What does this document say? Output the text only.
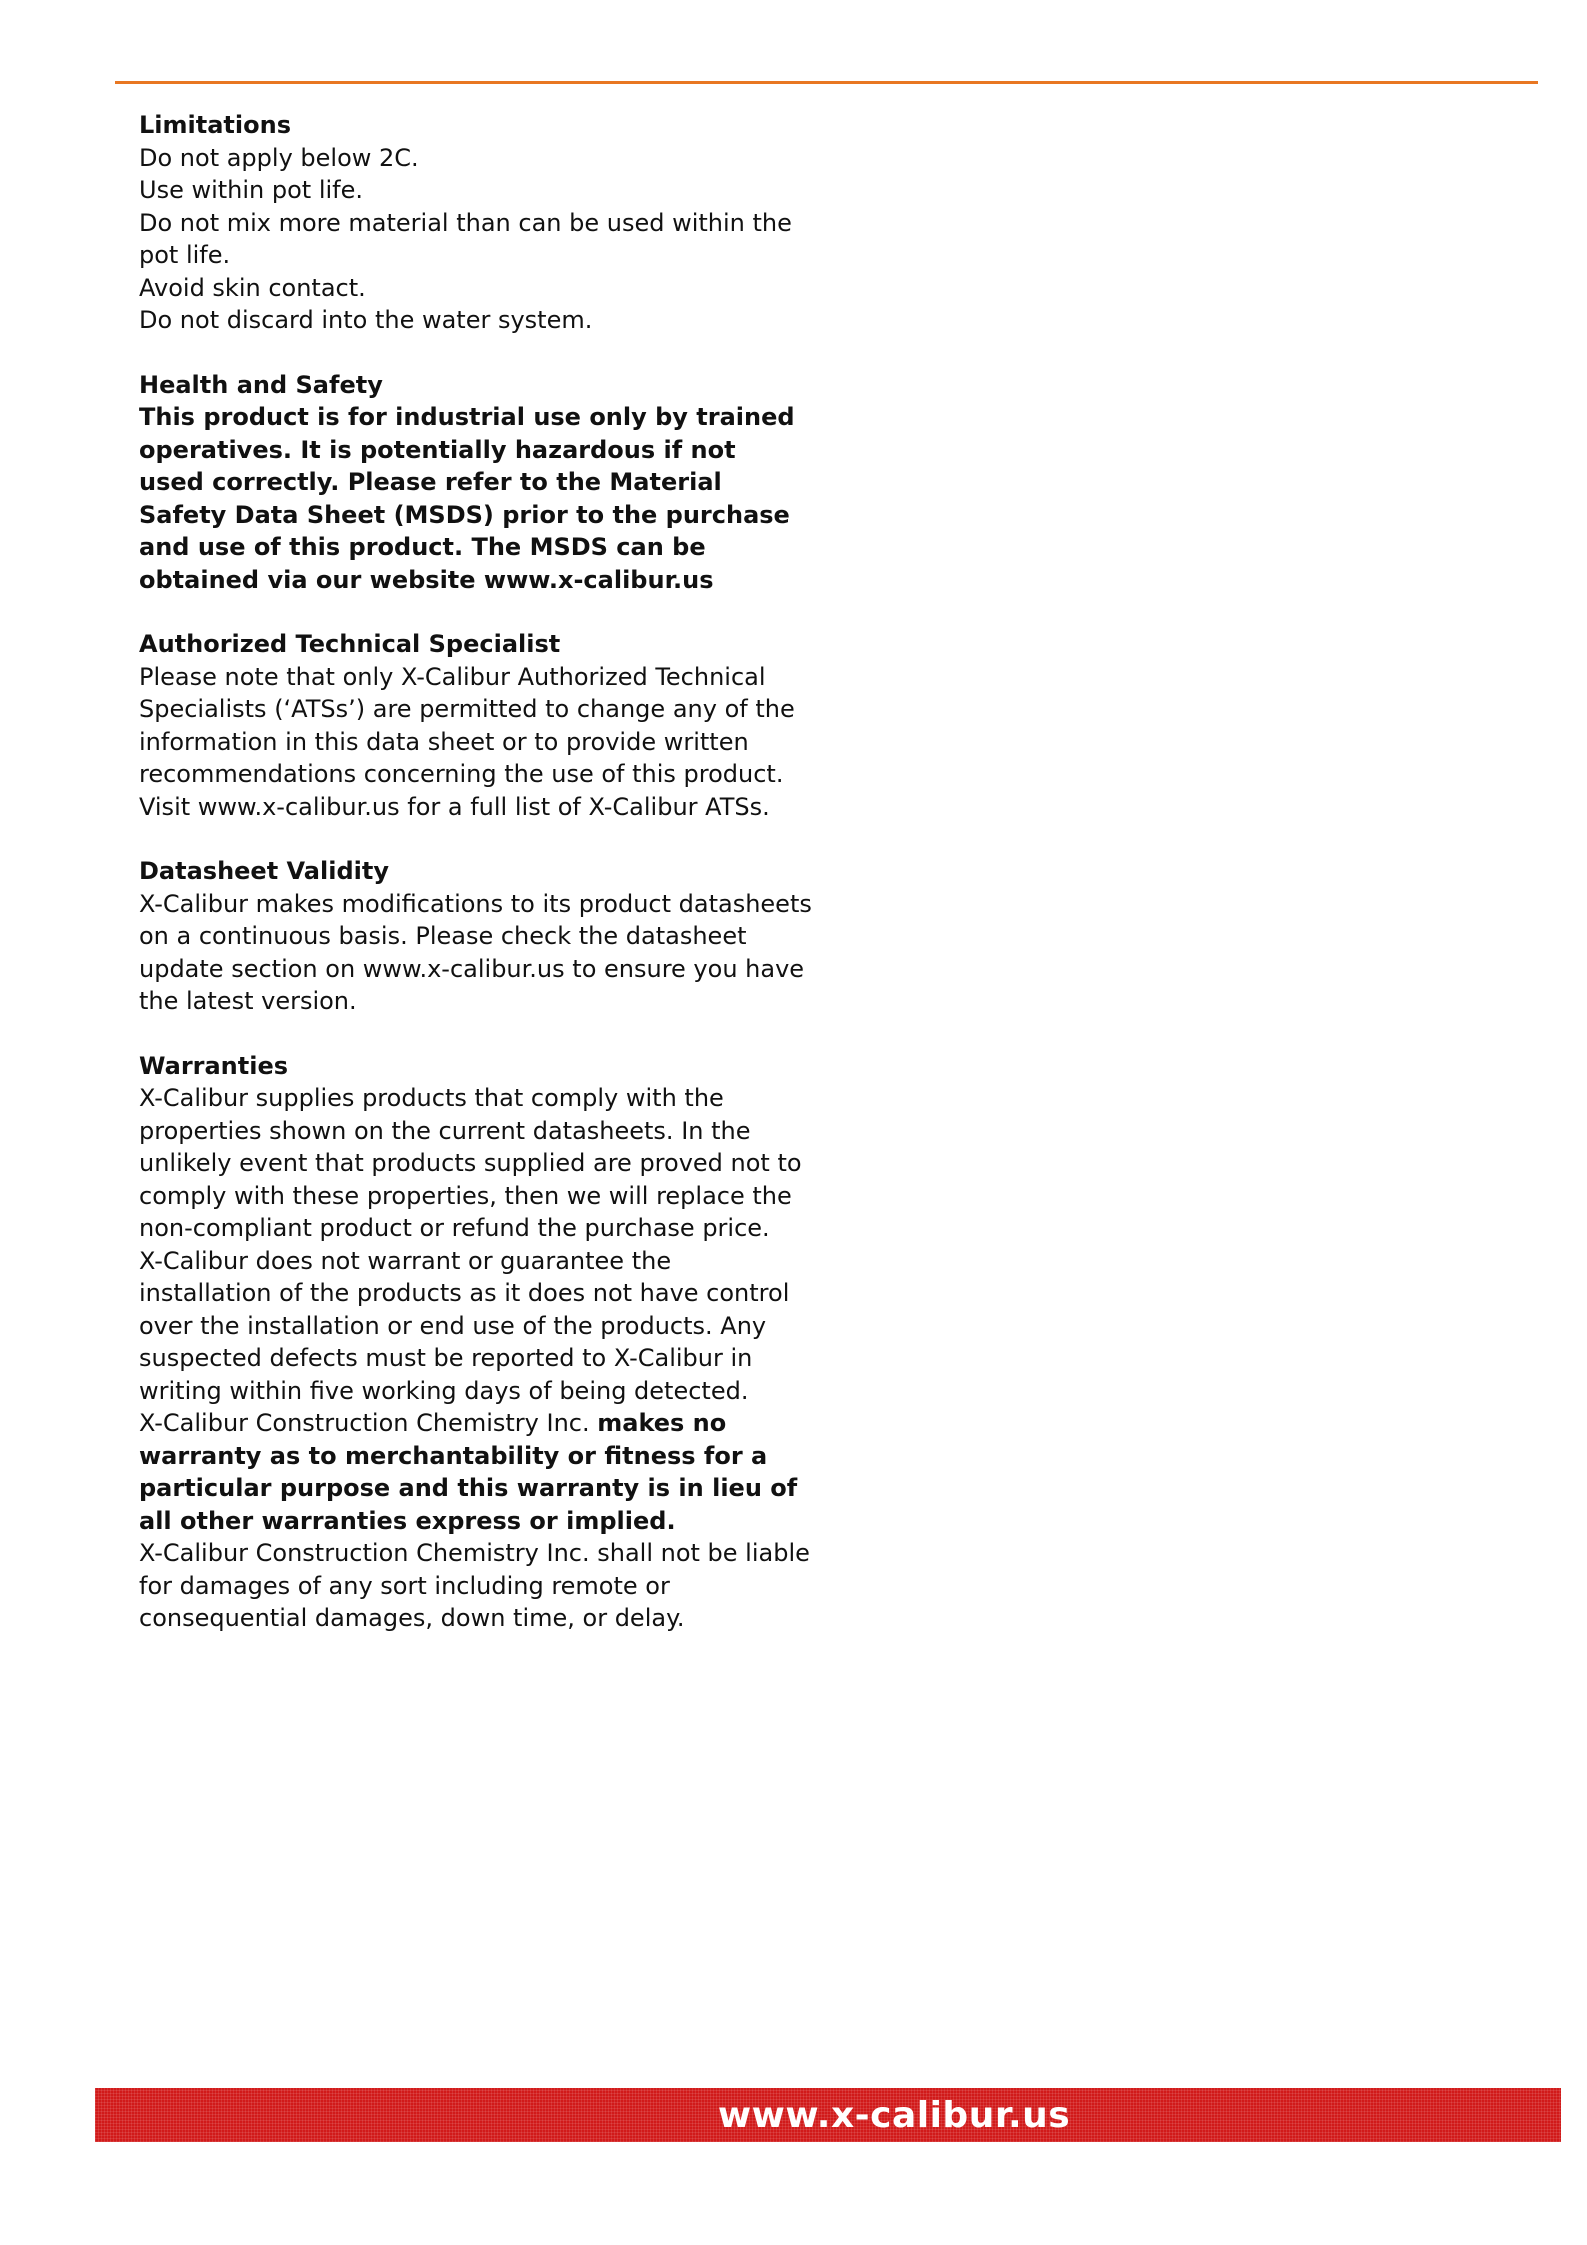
Limitations
Do not apply below 2C.
Use within pot life.
Do not mix more material than can be used within the
pot life.
Avoid skin contact.
Do not discard into the water system.
Health and Safety
This product is for industrial use only by trained
operatives. It is potentially hazardous if not
used correctly. Please refer to the Material
Safety Data Sheet (MSDS) prior to the purchase
and use of this product. The MSDS can be
obtained via our website www.x-calibur.us
Authorized Technical Specialist
Please note that only X-Calibur Authorized Technical
Specialists (‘ATSs’) are permitted to change any of the
information in this data sheet or to provide written
recommendations concerning the use of this product.
Visit www.x-calibur.us for a full list of X-Calibur ATSs.
Datasheet Validity
X-Calibur makes modifications to its product datasheets
on a continuous basis. Please check the datasheet
update section on www.x-calibur.us to ensure you have
the latest version.
Warranties
X-Calibur supplies products that comply with the
properties shown on the current datasheets. In the
unlikely event that products supplied are proved not to
comply with these properties, then we will replace the
non-compliant product or refund the purchase price.
X-Calibur does not warrant or guarantee the
installation of the products as it does not have control
over the installation or end use of the products. Any
suspected defects must be reported to X-Calibur in
writing within five working days of being detected.
X-Calibur Construction Chemistry Inc. makes no
warranty as to merchantability or fitness for a
particular purpose and this warranty is in lieu of
all other warranties express or implied.
X-Calibur Construction Chemistry Inc. shall not be liable
for damages of any sort including remote or
consequential damages, down time, or delay.
www.x-calibur.us
